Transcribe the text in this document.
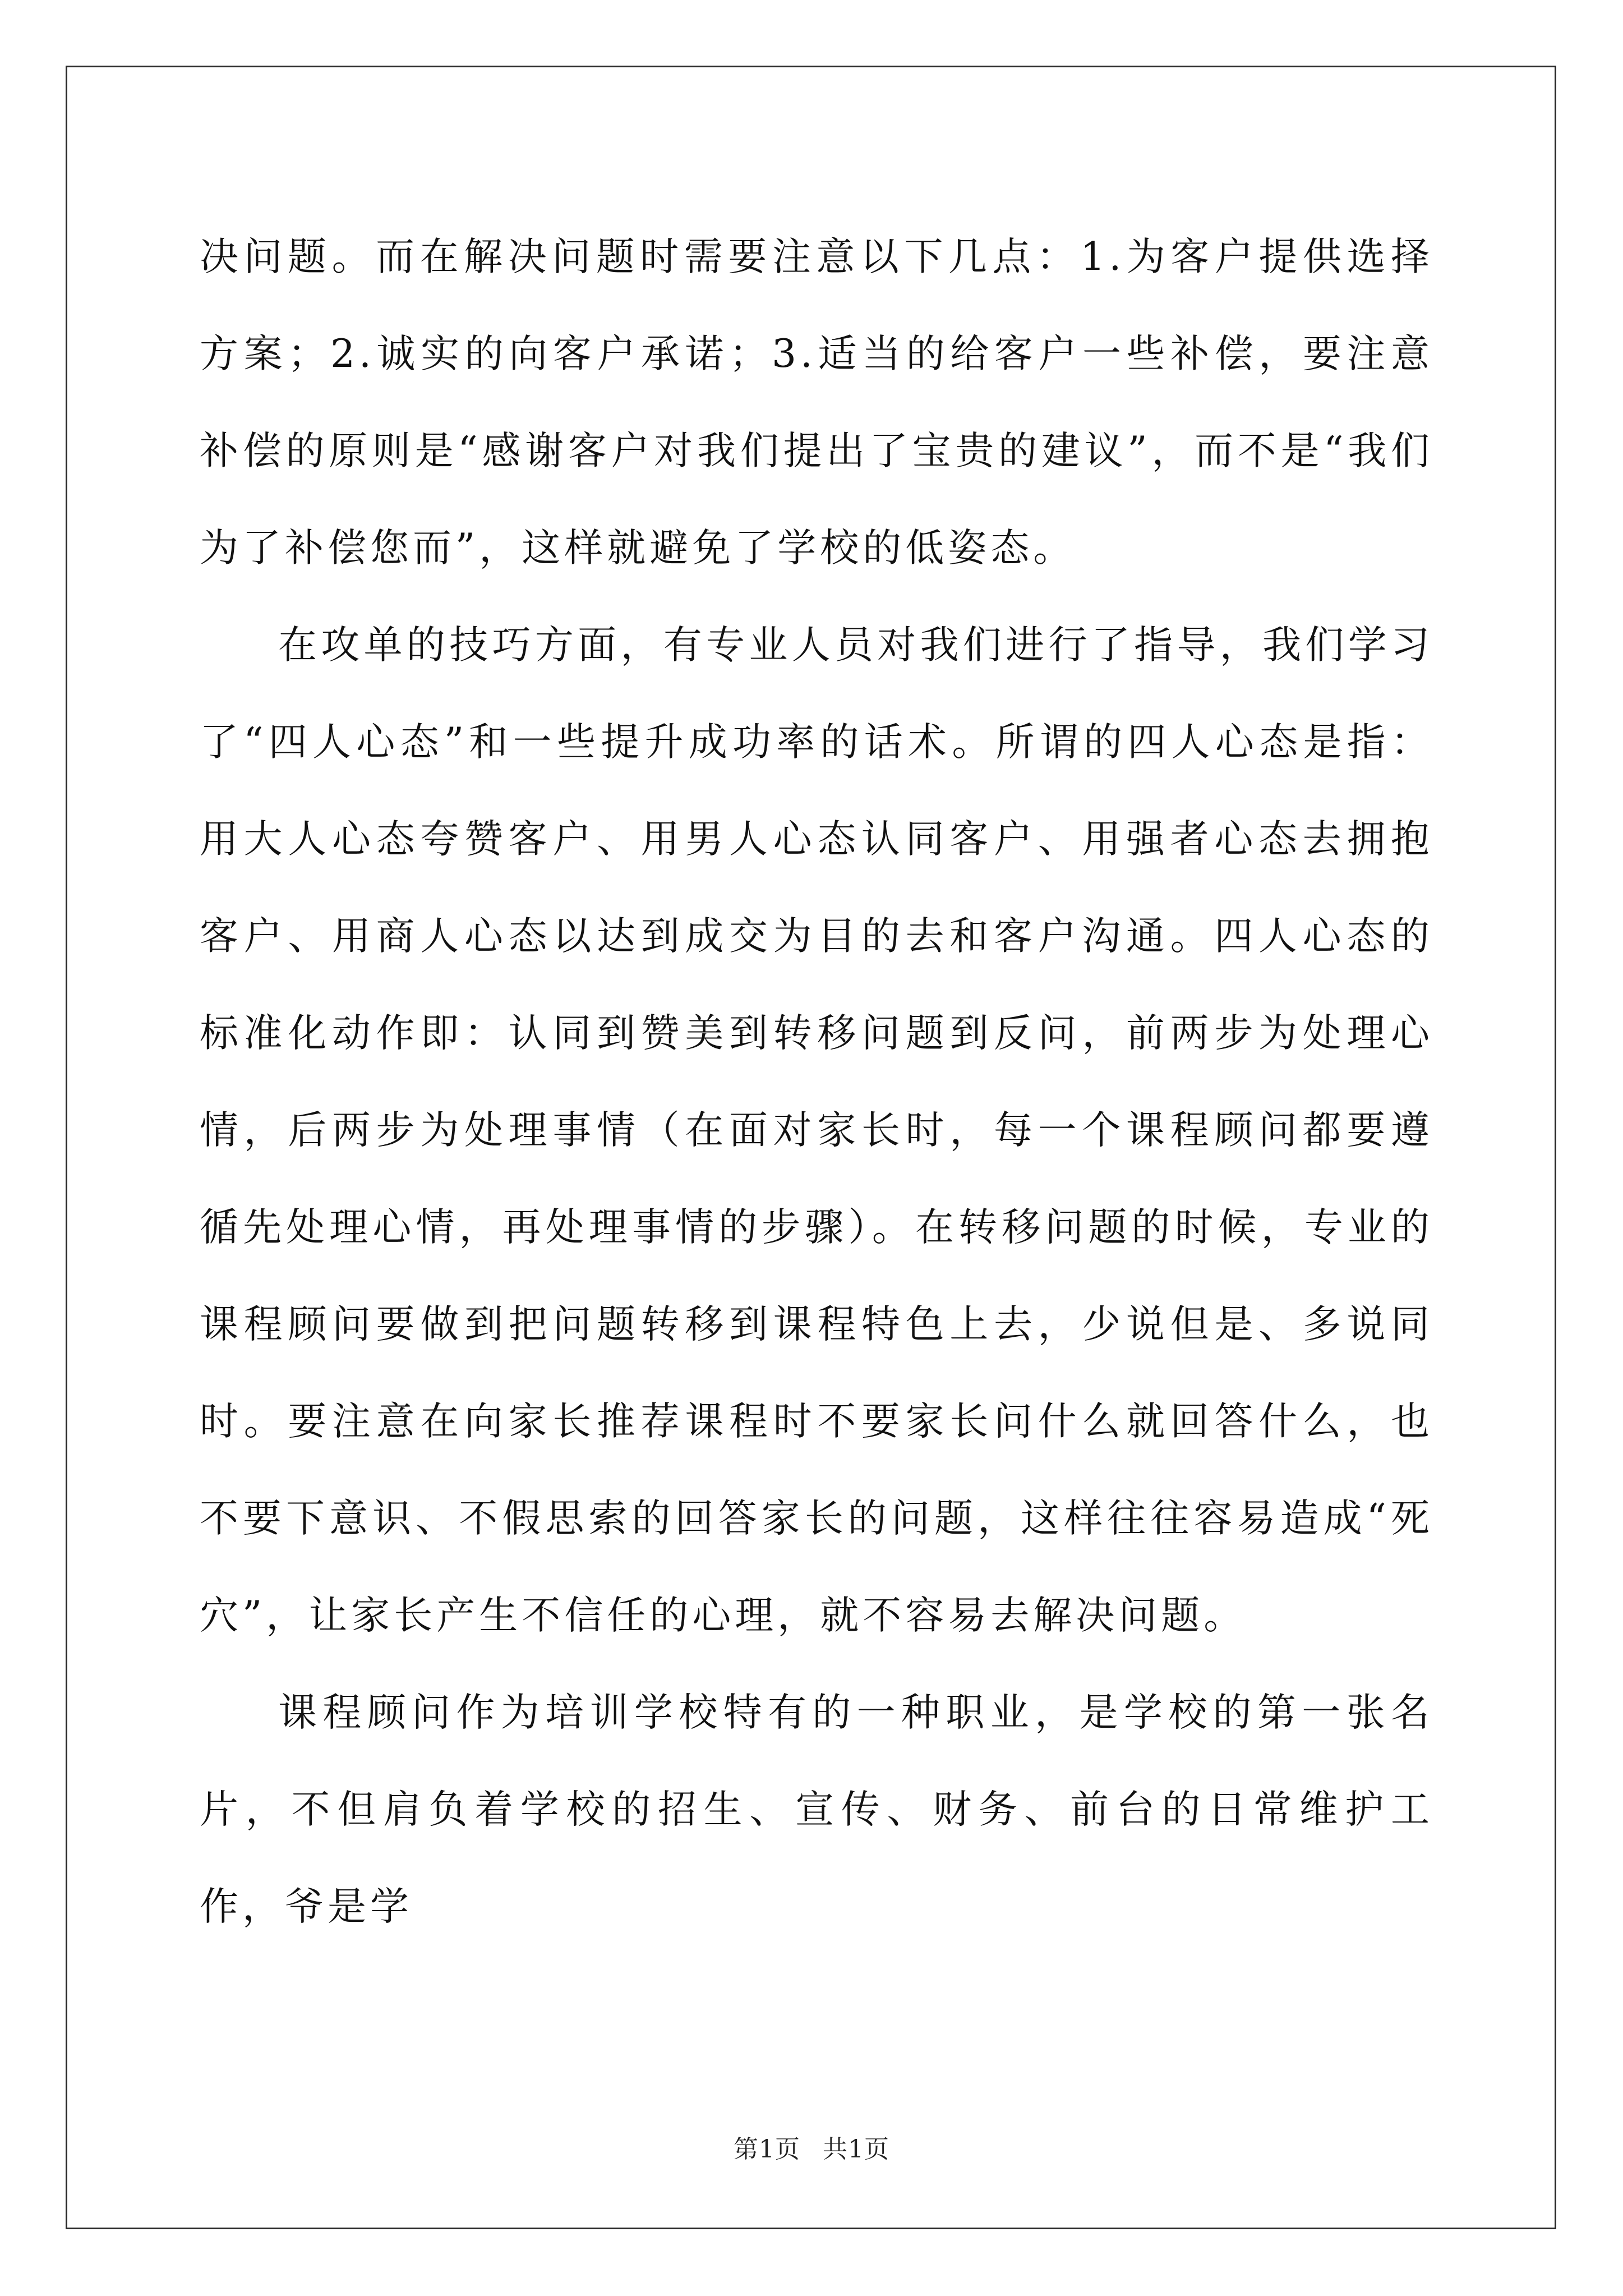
决问题。而在解决问题时需要注意以下几点：1.为客户提供选择方案；2.诚实的向客户承诺；3.适当的给客户一些补偿，要注意补偿的原则是“感谢客户对我们提出了宝贵的建议”，而不是“我们为了补偿您而”，这样就避免了学校的低姿态。

在攻单的技巧方面，有专业人员对我们进行了指导，我们学习了“四人心态”和一些提升成功率的话术。所谓的四人心态是指：用大人心态夸赞客户、用男人心态认同客户、用强者心态去拥抱客户、用商人心态以达到成交为目的去和客户沟通。四人心态的标准化动作即：认同到赞美到转移问题到反问，前两步为处理心情，后两步为处理事情（在面对家长时，每一个课程顾问都要遵循先处理心情，再处理事情的步骤）。在转移问题的时候，专业的课程顾问要做到把问题转移到课程特色上去，少说但是、多说同时。要注意在向家长推荐课程时不要家长问什么就回答什么，也不要下意识、不假思索的回答家长的问题，这样往往容易造成“死穴”，让家长产生不信任的心理，就不容易去解决问题。

课程顾问作为培训学校特有的一种职业，是学校的第一张名片，不但肩负着学校的招生、宣传、财务、前台的日常维护工作，爷是学

第1页 共1页
